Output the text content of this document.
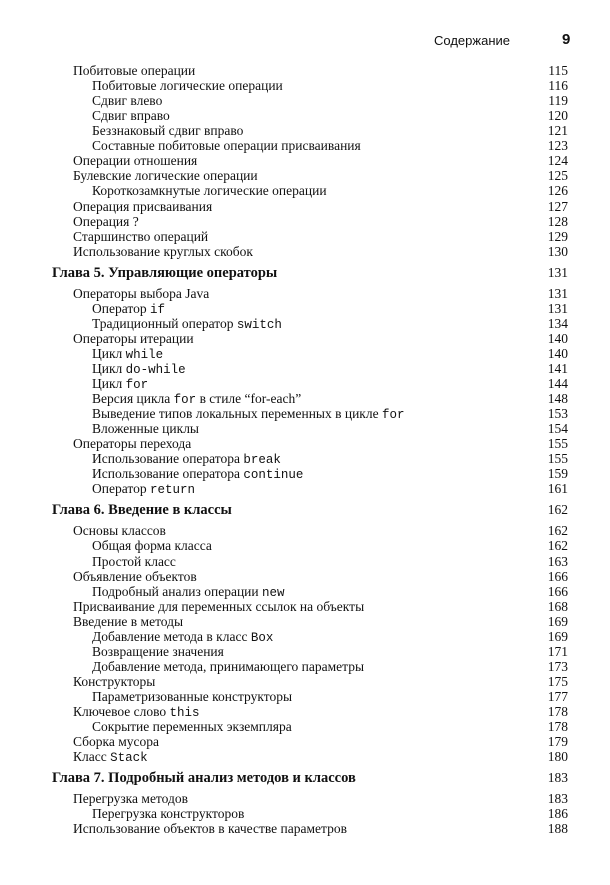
Содержание	9
Побитовые операции	115
Побитовые логические операции	116
Сдвиг влево	119
Сдвиг вправо	120
Беззнаковый сдвиг вправо	121
Составные побитовые операции присваивания	123
Операции отношения	124
Булевские логические операции	125
Короткозамкнутые логические операции	126
Операция присваивания	127
Операция ?	128
Старшинство операций	129
Использование круглых скобок	130
Глава 5. Управляющие операторы	131
Операторы выбора Java	131
Оператор if	131
Традиционный оператор switch	134
Операторы итерации	140
Цикл while	140
Цикл do-while	141
Цикл for	144
Версия цикла for в стиле “for-each”	148
Выведение типов локальных переменных в цикле for	153
Вложенные циклы	154
Операторы перехода	155
Использование оператора break	155
Использование оператора continue	159
Оператор return	161
Глава 6. Введение в классы	162
Основы классов	162
Общая форма класса	162
Простой класс	163
Объявление объектов	166
Подробный анализ операции new	166
Присваивание для переменных ссылок на объекты	168
Введение в методы	169
Добавление метода в класс Box	169
Возвращение значения	171
Добавление метода, принимающего параметры	173
Конструкторы	175
Параметризованные конструкторы	177
Ключевое слово this	178
Сокрытие переменных экземпляра	178
Сборка мусора	179
Класс Stack	180
Глава 7. Подробный анализ методов и классов	183
Перегрузка методов	183
Перегрузка конструкторов	186
Использование объектов в качестве параметров	188
